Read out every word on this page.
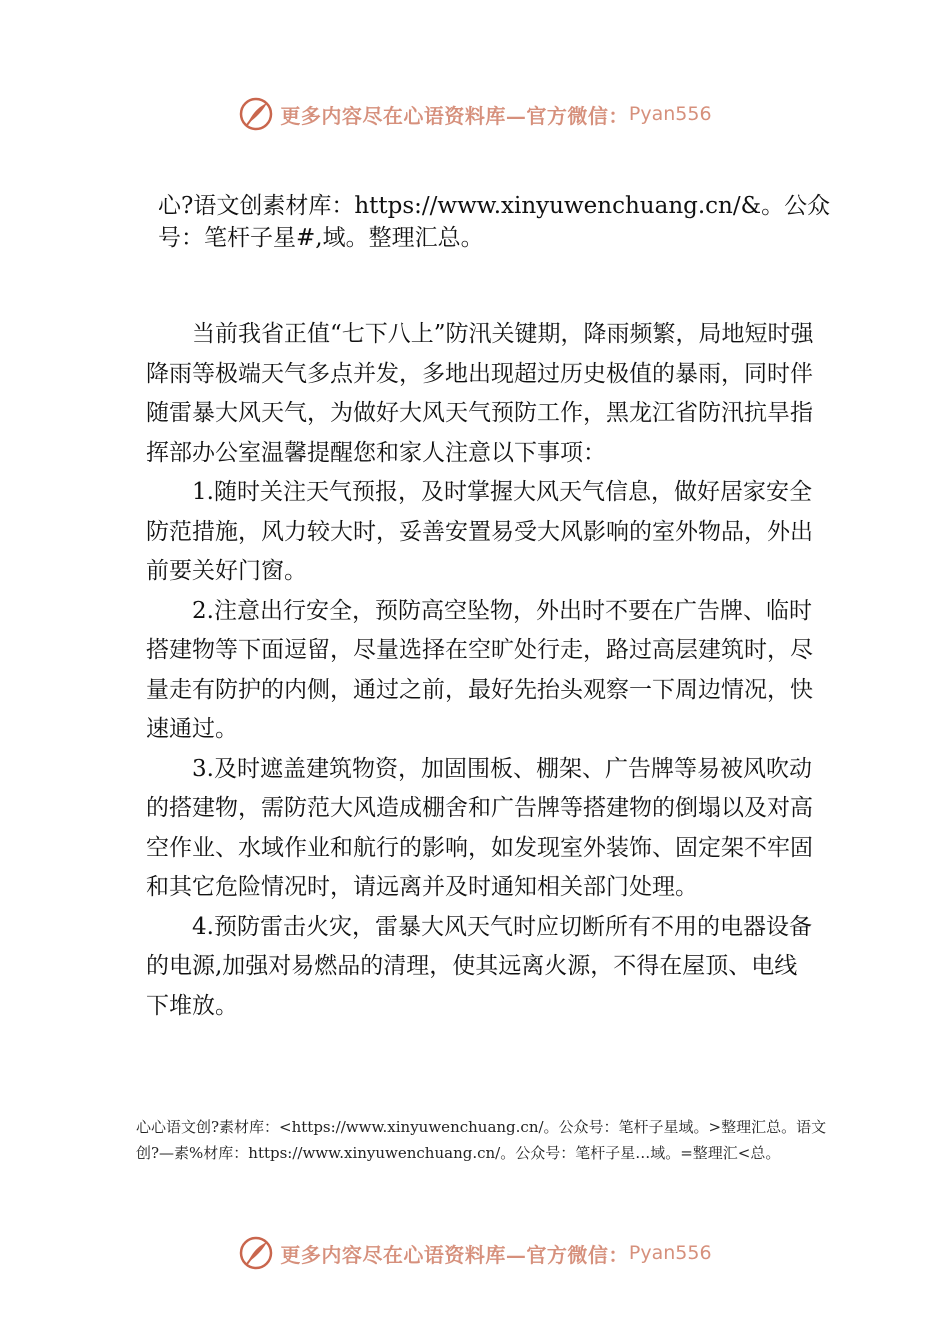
更多内容尽在心语资料库—官方微信： Pyan556
心?语文创素材库：https://www.xinyuwenchuang.cn/&。公众号：笔杆子星#,域。整理汇总。

当前我省正值“七下八上”防汛关键期，降雨频繁，局地短时强降雨等极端天气多点并发，多地出现超过历史极值的暴雨，同时伴随雷暴大风天气，为做好大风天气预防工作，黑龙江省防汛抗旱指挥部办公室温馨提醒您和家人注意以下事项：

1.随时关注天气预报，及时掌握大风天气信息，做好居家安全防范措施，风力较大时，妥善安置易受大风影响的室外物品，外出前要关好门窗。

2.注意出行安全，预防高空坠物，外出时不要在广告牌、临时搭建物等下面逗留，尽量选择在空旷处行走，路过高层建筑时，尽量走有防护的内侧，通过之前，最好先抬头观察一下周边情况，快速通过。

3.及时遮盖建筑物资，加固围板、棚架、广告牌等易被风吹动的搭建物，需防范大风造成棚舍和广告牌等搭建物的倒塌以及对高空作业、水域作业和航行的影响，如发现室外装饰、固定架不牢固和其它危险情况时，请远离并及时通知相关部门处理。

4.预防雷击火灾，雷暴大风天气时应切断所有不用的电器设备的电源,加强对易燃品的清理，使其远离火源，不得在屋顶、电线下堆放。

心心语文创?素材库：<https://www.xinyuwenchuang.cn/。公众号：笔杆子星域。>整理汇总。语文创?—素%材库：https://www.xinyuwenchuang.cn/。公众号：笔杆子星…域。=整理汇<总。
更多内容尽在心语资料库—官方微信： Pyan556
